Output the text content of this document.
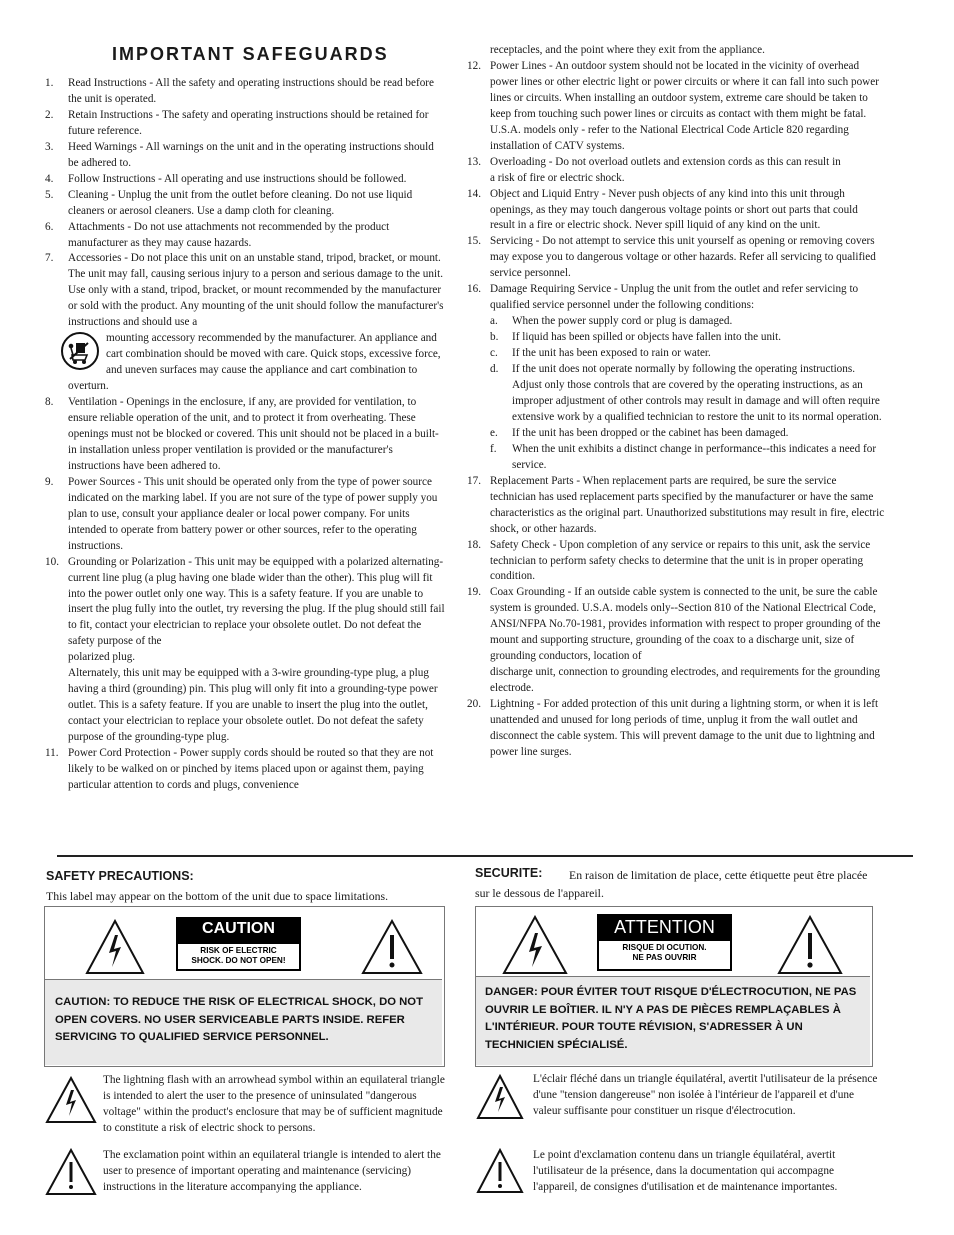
IMPORTANT SAFEGUARDS
1. Read Instructions - All the safety and operating instructions should be read before the unit is operated.
2. Retain Instructions - The safety and operating instructions should be retained for future reference.
3. Heed Warnings - All warnings on the unit and in the operating instructions should be adhered to.
4. Follow Instructions - All operating and use instructions should be followed.
5. Cleaning - Unplug the unit from the outlet before cleaning. Do not use liquid cleaners or aerosol cleaners. Use a damp cloth for cleaning.
6. Attachments - Do not use attachments not recommended by the product manufacturer as they may cause hazards.
7. Accessories - Do not place this unit on an unstable stand, tripod, bracket, or mount. The unit may fall, causing serious injury to a person and serious damage to the unit. Use only with a stand, tripod, bracket, or mount recommended by the manufacturer or sold with the product. Any mounting of the unit should follow the manufacturer's instructions and should use a
mounting accessory recommended by the manufacturer. An appliance and cart combination should be moved with care. Quick stops, excessive force, and uneven surfaces may cause the appliance and cart combination to overturn.
8. Ventilation - Openings in the enclosure, if any, are provided for ventilation, to ensure reliable operation of the unit, and to protect it from overheating. These openings must not be blocked or covered. This unit should not be placed in a built-in installation unless proper ventilation is provided or the manufacturer's instructions have been adhered to.
9. Power Sources - This unit should be operated only from the type of power source indicated on the marking label. If you are not sure of the type of power supply you plan to use, consult your appliance dealer or local power company. For units intended to operate from battery power or other sources, refer to the operating instructions.
10. Grounding or Polarization - This unit may be equipped with a polarized alternating-current line plug (a plug having one blade wider than the other). This plug will fit into the power outlet only one way. This is a safety feature. If you are unable to insert the plug fully into the outlet, try reversing the plug. If the plug should still fail to fit, contact your electrician to replace your obsolete outlet. Do not defeat the safety purpose of the
polarized plug.
Alternately, this unit may be equipped with a 3-wire grounding-type plug, a plug having a third (grounding) pin. This plug will only fit into a grounding-type power outlet. This is a safety feature. If you are unable to insert the plug into the outlet, contact your electrician to replace your obsolete outlet. Do not defeat the safety purpose of the grounding-type plug.
11. Power Cord Protection - Power supply cords should be routed so that they are not likely to be walked on or pinched by items placed upon or against them, paying particular attention to cords and plugs, convenience
receptacles, and the point where they exit from the appliance.
12. Power Lines - An outdoor system should not be located in the vicinity of overhead power lines or other electric light or power circuits or where it can fall into such power lines or circuits. When installing an outdoor system, extreme care should be taken to keep from touching such power lines or circuits as contact with them might be fatal. U.S.A. models only - refer to the National Electrical Code Article 820 regarding installation of CATV systems.
13. Overloading - Do not overload outlets and extension cords as this can result in
a risk of fire or electric shock.
14. Object and Liquid Entry - Never push objects of any kind into this unit through openings, as they may touch dangerous voltage points or short out parts that could result in a fire or electric shock. Never spill liquid of any kind on the unit.
15. Servicing - Do not attempt to service this unit yourself as opening or removing covers may expose you to dangerous voltage or other hazards. Refer all servicing to qualified service personnel.
16. Damage Requiring Service - Unplug the unit from the outlet and refer servicing to qualified service personnel under the following conditions:
a. When the power supply cord or plug is damaged.
b. If liquid has been spilled or objects have fallen into the unit.
c. If the unit has been exposed to rain or water.
d. If the unit does not operate normally by following the operating instructions. Adjust only those controls that are covered by the operating instructions, as an improper adjustment of other controls may result in damage and will often require extensive work by a qualified technician to restore the unit to its normal operation.
e. If the unit has been dropped or the cabinet has been damaged.
f. When the unit exhibits a distinct change in performance--this indicates a need for service.
17. Replacement Parts - When replacement parts are required, be sure the service technician has used replacement parts specified by the manufacturer or have the same characteristics as the original part. Unauthorized substitutions may result in fire, electric shock, or other hazards.
18. Safety Check - Upon completion of any service or repairs to this unit, ask the service technician to perform safety checks to determine that the unit is in proper operating condition.
19. Coax Grounding - If an outside cable system is connected to the unit, be sure the cable system is grounded. U.S.A. models only--Section 810 of the National Electrical Code, ANSI/NFPA No.70-1981, provides information with respect to proper grounding of the mount and supporting structure, grounding of the coax to a discharge unit, size of grounding conductors, location of
discharge unit, connection to grounding electrodes, and requirements for the grounding
electrode.
20. Lightning - For added protection of this unit during a lightning storm, or when it is left unattended and unused for long periods of time, unplug it from the wall outlet and disconnect the cable system. This will prevent damage to the unit due to lightning and power line surges.
SAFETY PRECAUTIONS:
This label may appear on the bottom of the unit due to space limitations.
CAUTION
RISK OF ELECTRIC
SHOCK. DO NOT OPEN!
CAUTION: TO REDUCE THE RISK OF ELECTRICAL SHOCK, DO NOT OPEN COVERS. NO USER SERVICEABLE PARTS INSIDE. REFER SERVICING TO QUALIFIED SERVICE PERSONNEL.
The lightning flash with an arrowhead symbol within an equilateral triangle is intended to alert the user to the presence of uninsulated "dangerous voltage" within the product's enclosure that may be of sufficient magnitude to constitute a risk of electric shock to persons.
The exclamation point within an equilateral triangle is intended to alert the user to presence of important operating and maintenance (servicing) instructions in the literature accompanying the appliance.
SECURITE:	En raison de limitation de place, cette étiquette peut être placée sur le dessous de l'appareil.
ATTENTION
RISQUE DI OCUTION.
NE PAS OUVRIR
DANGER: POUR ÉVITER TOUT RISQUE D'ÉLECTROCUTION, NE PAS OUVRIR LE BOÎTIER. IL N'Y A PAS DE PIÈCES REMPLAÇABLES À L'INTÉRIEUR. POUR TOUTE RÉVISION, S'ADRESSER À UN TECHNICIEN SPÉCIALISÉ.
L'éclair fléché dans un triangle équilatéral, avertit l'utilisateur de la présence d'une "tension dangereuse" non isolée à l'intérieur de l'appareil et d'une valeur suffisante pour constituer un risque d'électrocution.
Le point d'exclamation contenu dans un triangle équilatéral, avertit l'utilisateur de la présence, dans la documentation qui accompagne l'appareil, de consignes d'utilisation et de maintenance importantes.
